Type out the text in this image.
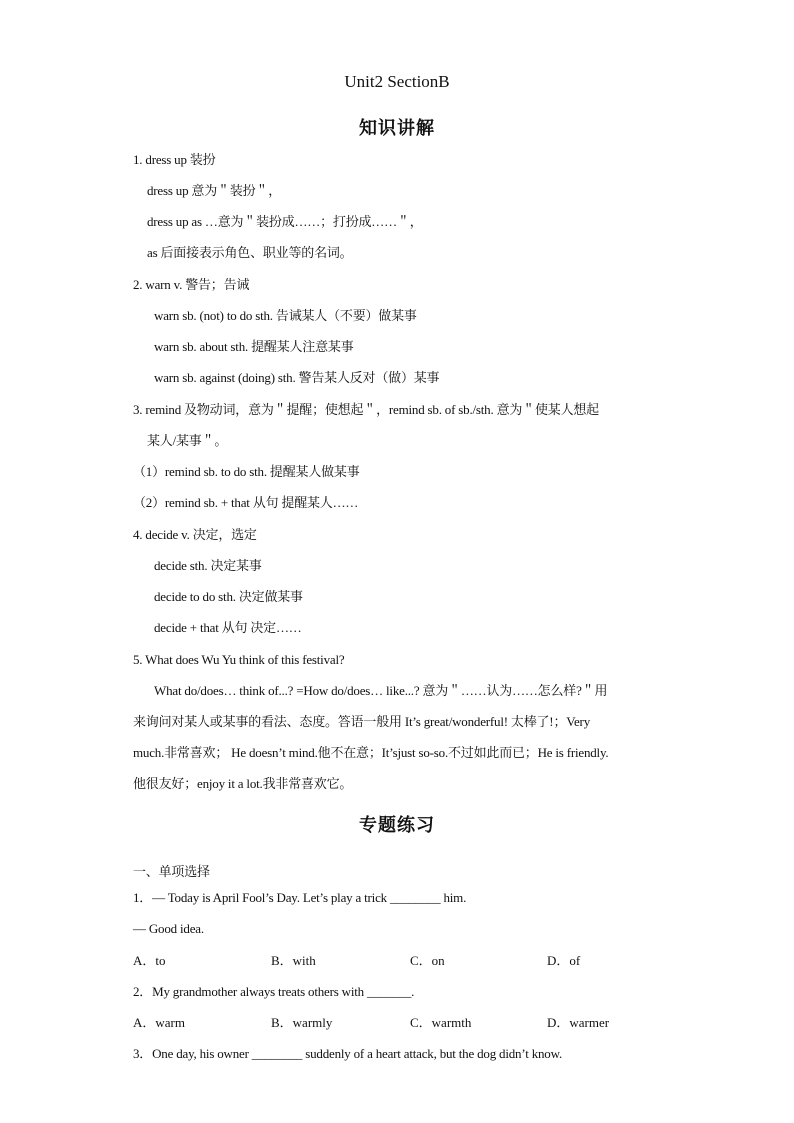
Unit2 SectionB
知识讲解
1. dress up 装扮
dress up 意为＂装扮＂，
dress up as …意为＂装扮成……；打扮成……＂，
as 后面接表示角色、职业等的名词。
2. warn v. 警告；告诫
warn sb. (not) to do sth. 告诫某人（不要）做某事
warn sb. about sth. 提醒某人注意某事
warn sb. against (doing) sth. 警告某人反对（做）某事
3. remind 及物动词，意为＂提醒；使想起＂，remind sb. of sb./sth. 意为＂使某人想起
某人/某事＂。
（1）remind sb. to do sth. 提醒某人做某事
（2）remind sb. + that 从句 提醒某人……
4. decide v. 决定，选定
decide sth. 决定某事
decide to do sth. 决定做某事
decide + that 从句 决定……
5. What does Wu Yu think of this festival?
What do/does… think of...? =How do/does… like...? 意为＂……认为……怎么样?＂用
来询问对某人或某事的看法、态度。答语一般用 It’s great/wonderful! 太棒了!；Very
much.非常喜欢； He doesn’t mind.他不在意；It’sjust so-so.不过如此而已；He is friendly.
他很友好；enjoy it a lot.我非常喜欢它。
专题练习
一、单项选择
1．— Today is April Fool’s Day. Let’s play a trick ________ him.
— Good idea.
A．to	B．with	C．on	D．of
2．My grandmother always treats others with _______.
A．warm	B．warmly	C．warmth	D．warmer
3．One day, his owner ________ suddenly of a heart attack, but the dog didn’t know.
